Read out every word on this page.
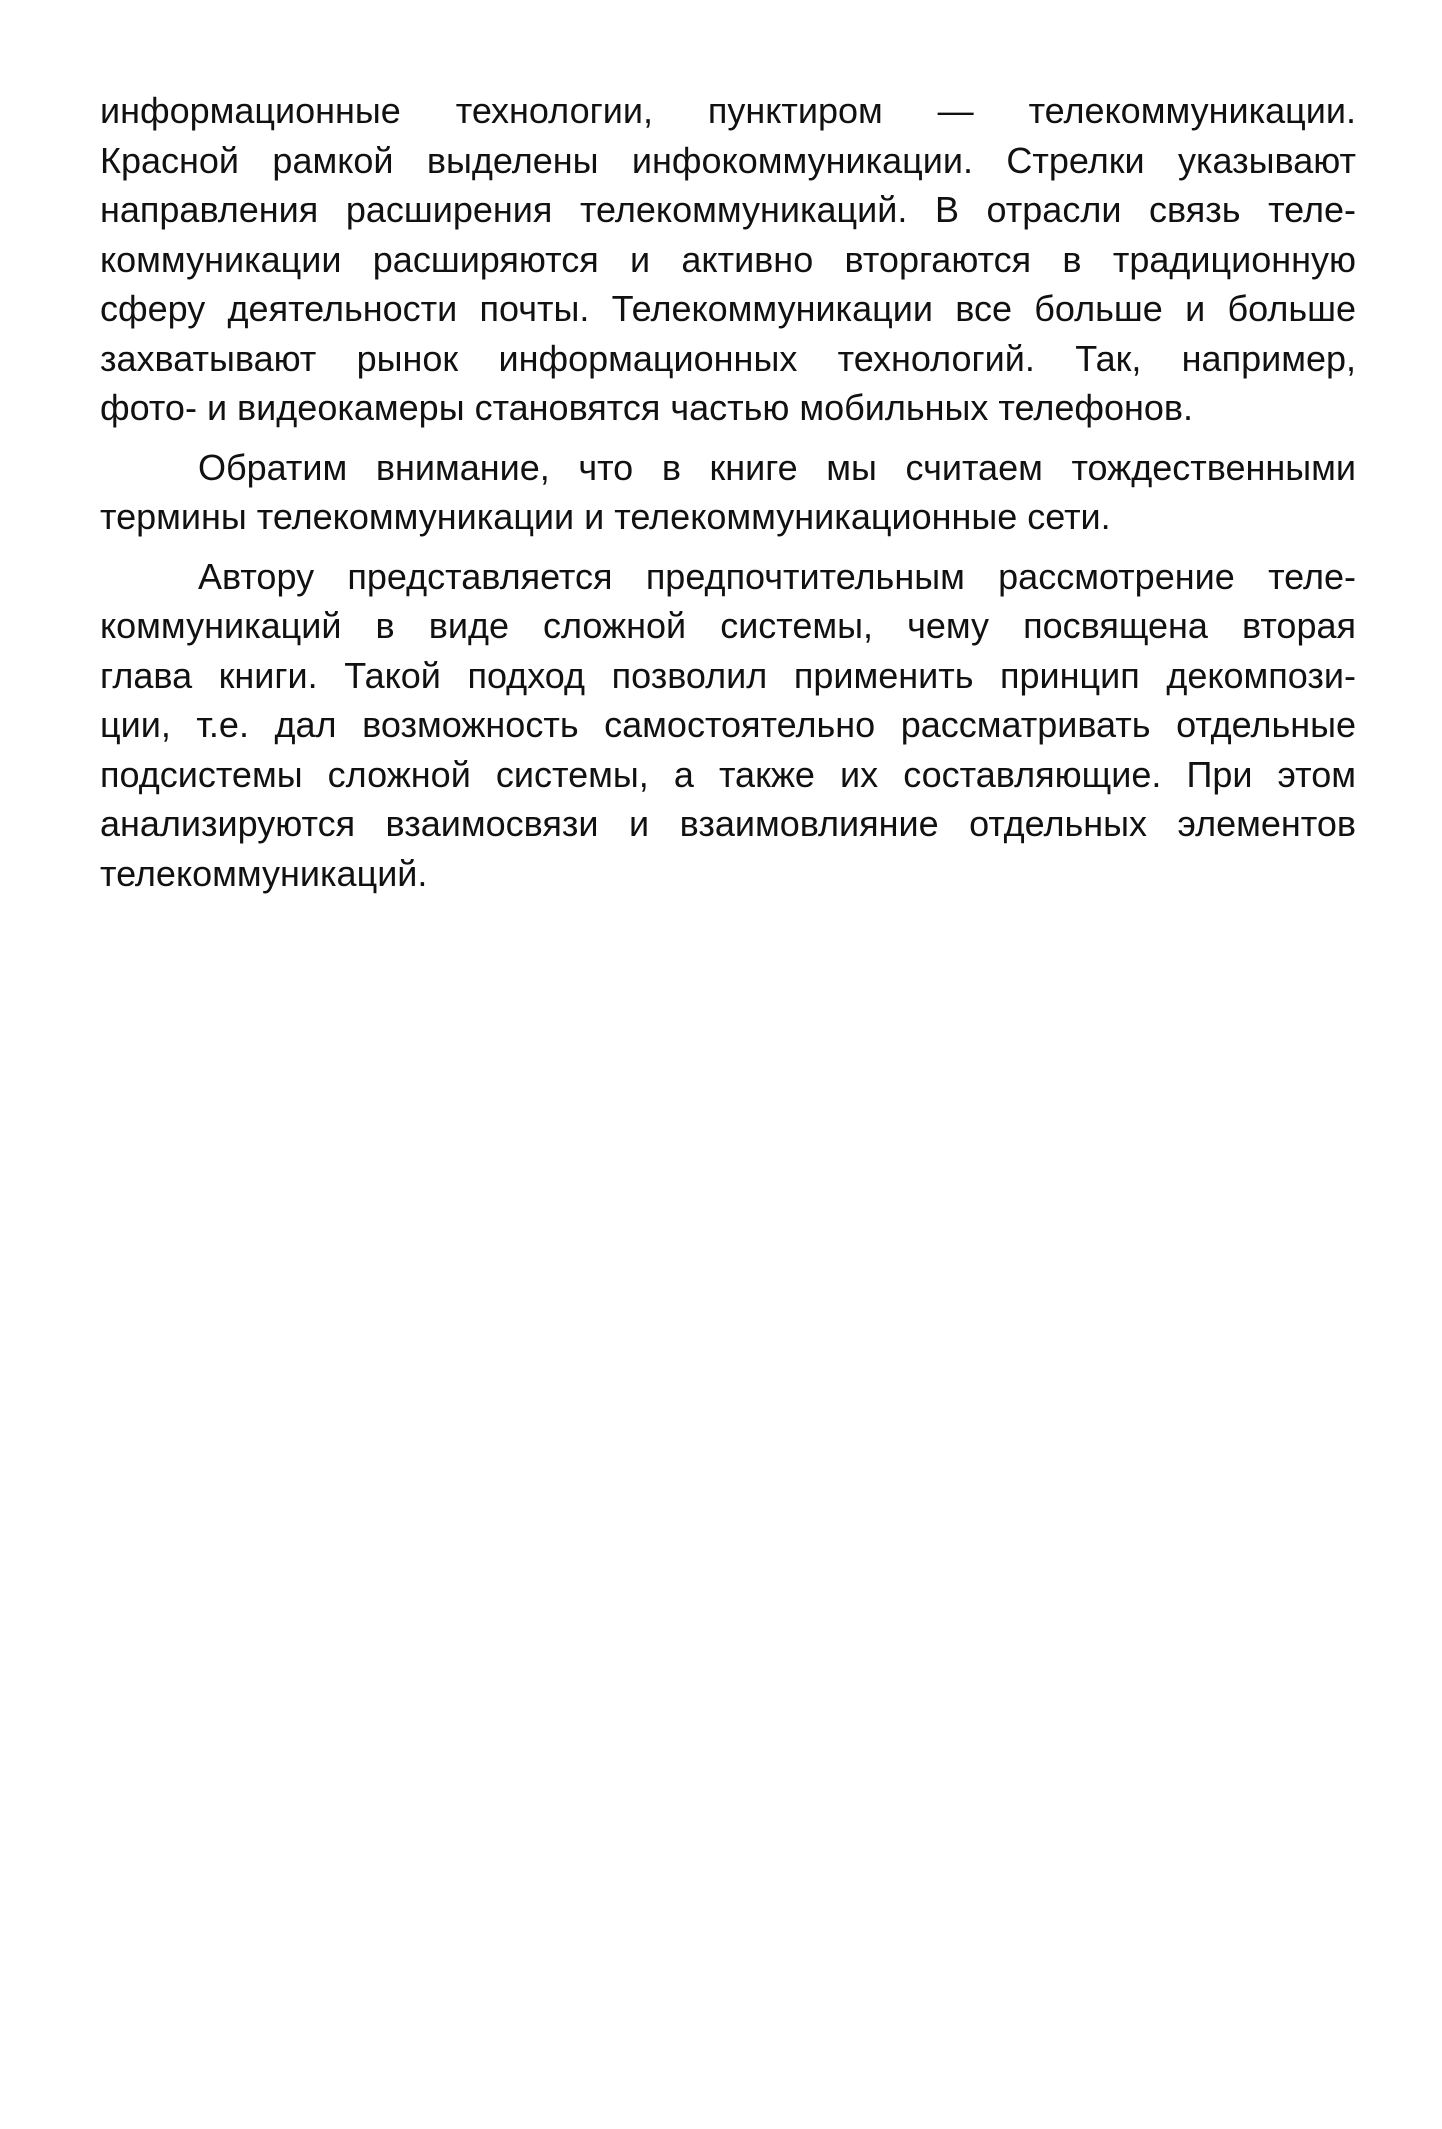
информационные технологии, пунктиром — телекоммуникации.
Красной рамкой выделены инфокоммуникации. Стрелки указывают
направления расширения телекоммуникаций. В отрасли связь теле-
коммуникации расширяются и активно вторгаются в традиционную
сферу деятельности почты. Телекоммуникации все больше и больше
захватывают рынок информационных технологий. Так, например,
фото- и видеокамеры становятся частью мобильных телефонов.
Обратим внимание, что в книге мы считаем тождественными
термины телекоммуникации и телекоммуникационные сети.
Автору представляется предпочтительным рассмотрение теле-
коммуникаций в виде сложной системы, чему посвящена вторая
глава книги. Такой подход позволил применить принцип декомпози-
ции, т.е. дал возможность самостоятельно рассматривать отдельные
подсистемы сложной системы, а также их составляющие. При этом
анализируются взаимосвязи и взаимовлияние отдельных элементов
телекоммуникаций.
